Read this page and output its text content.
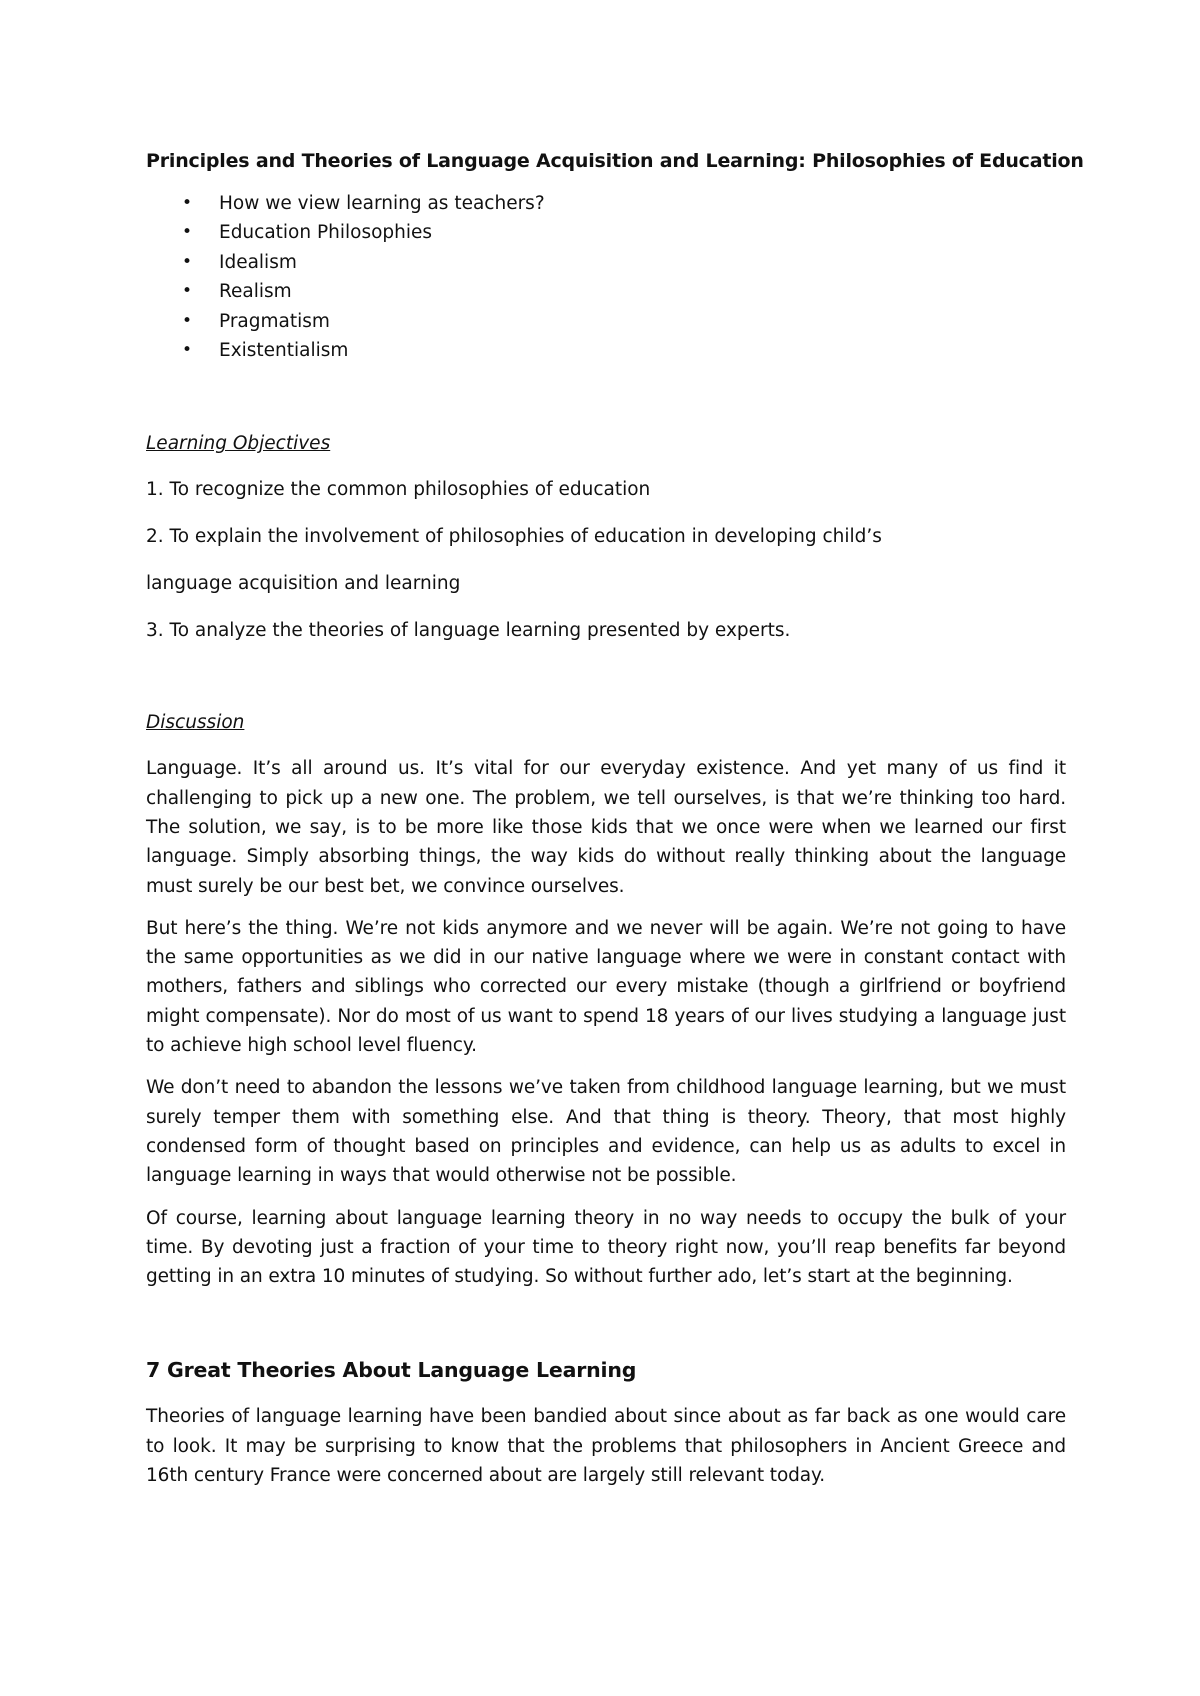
Principles and Theories of Language Acquisition and Learning: Philosophies of Education
• How we view learning as teachers?
• Education Philosophies
• Idealism
• Realism
• Pragmatism
• Existentialism
Learning Objectives

1. To recognize the common philosophies of education

2. To explain the involvement of philosophies of education in developing child’s

language acquisition and learning

3. To analyze the theories of language learning presented by experts.

Discussion

Language. It’s all around us. It’s vital for our everyday existence. And yet many of us find it challenging to pick up a new one. The problem, we tell ourselves, is that we’re thinking too hard. The solution, we say, is to be more like those kids that we once were when we learned our first language. Simply absorbing things, the way kids do without really thinking about the language must surely be our best bet, we convince ourselves.

But here’s the thing. We’re not kids anymore and we never will be again. We’re not going to have the same opportunities as we did in our native language where we were in constant contact with mothers, fathers and siblings who corrected our every mistake (though a girlfriend or boyfriend might compensate). Nor do most of us want to spend 18 years of our lives studying a language just to achieve high school level fluency.

We don’t need to abandon the lessons we’ve taken from childhood language learning, but we must surely temper them with something else. And that thing is theory. Theory, that most highly condensed form of thought based on principles and evidence, can help us as adults to excel in language learning in ways that would otherwise not be possible.

Of course, learning about language learning theory in no way needs to occupy the bulk of your time. By devoting just a fraction of your time to theory right now, you’ll reap benefits far beyond getting in an extra 10 minutes of studying. So without further ado, let’s start at the beginning.

7 Great Theories About Language Learning

Theories of language learning have been bandied about since about as far back as one would care to look. It may be surprising to know that the problems that philosophers in Ancient Greece and 16th century France were concerned about are largely still relevant today.
